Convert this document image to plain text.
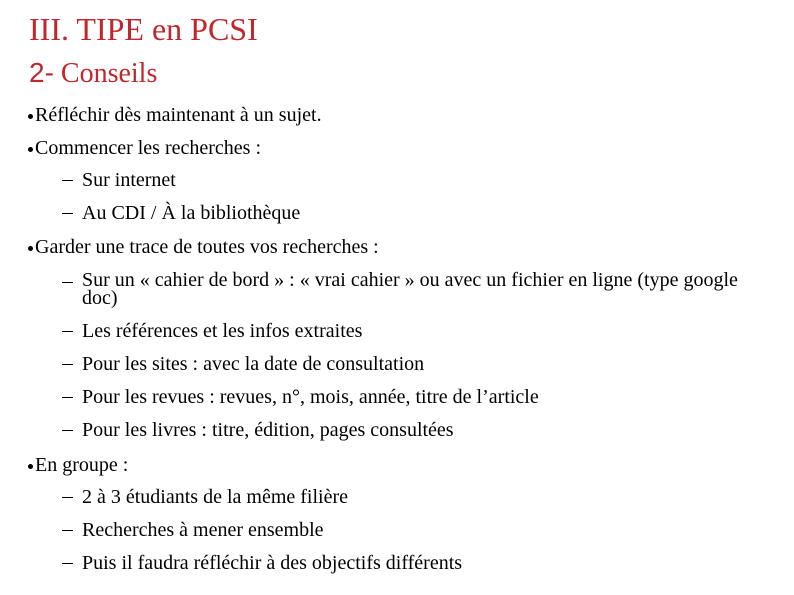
III. TIPE en PCSI
2- Conseils
Réfléchir dès maintenant à un sujet.
Commencer les recherches :
Sur internet
Au CDI / À la bibliothèque
Garder une trace de toutes vos recherches :
Sur un « cahier de bord » : « vrai cahier » ou avec un fichier en ligne (type google doc)
Les références et les infos extraites
Pour les sites : avec la date de consultation
Pour les revues : revues, n°, mois, année, titre de l’article
Pour les livres : titre, édition, pages consultées
En groupe :
2 à 3 étudiants de la même filière
Recherches à mener ensemble
Puis il faudra réfléchir à des objectifs différents
